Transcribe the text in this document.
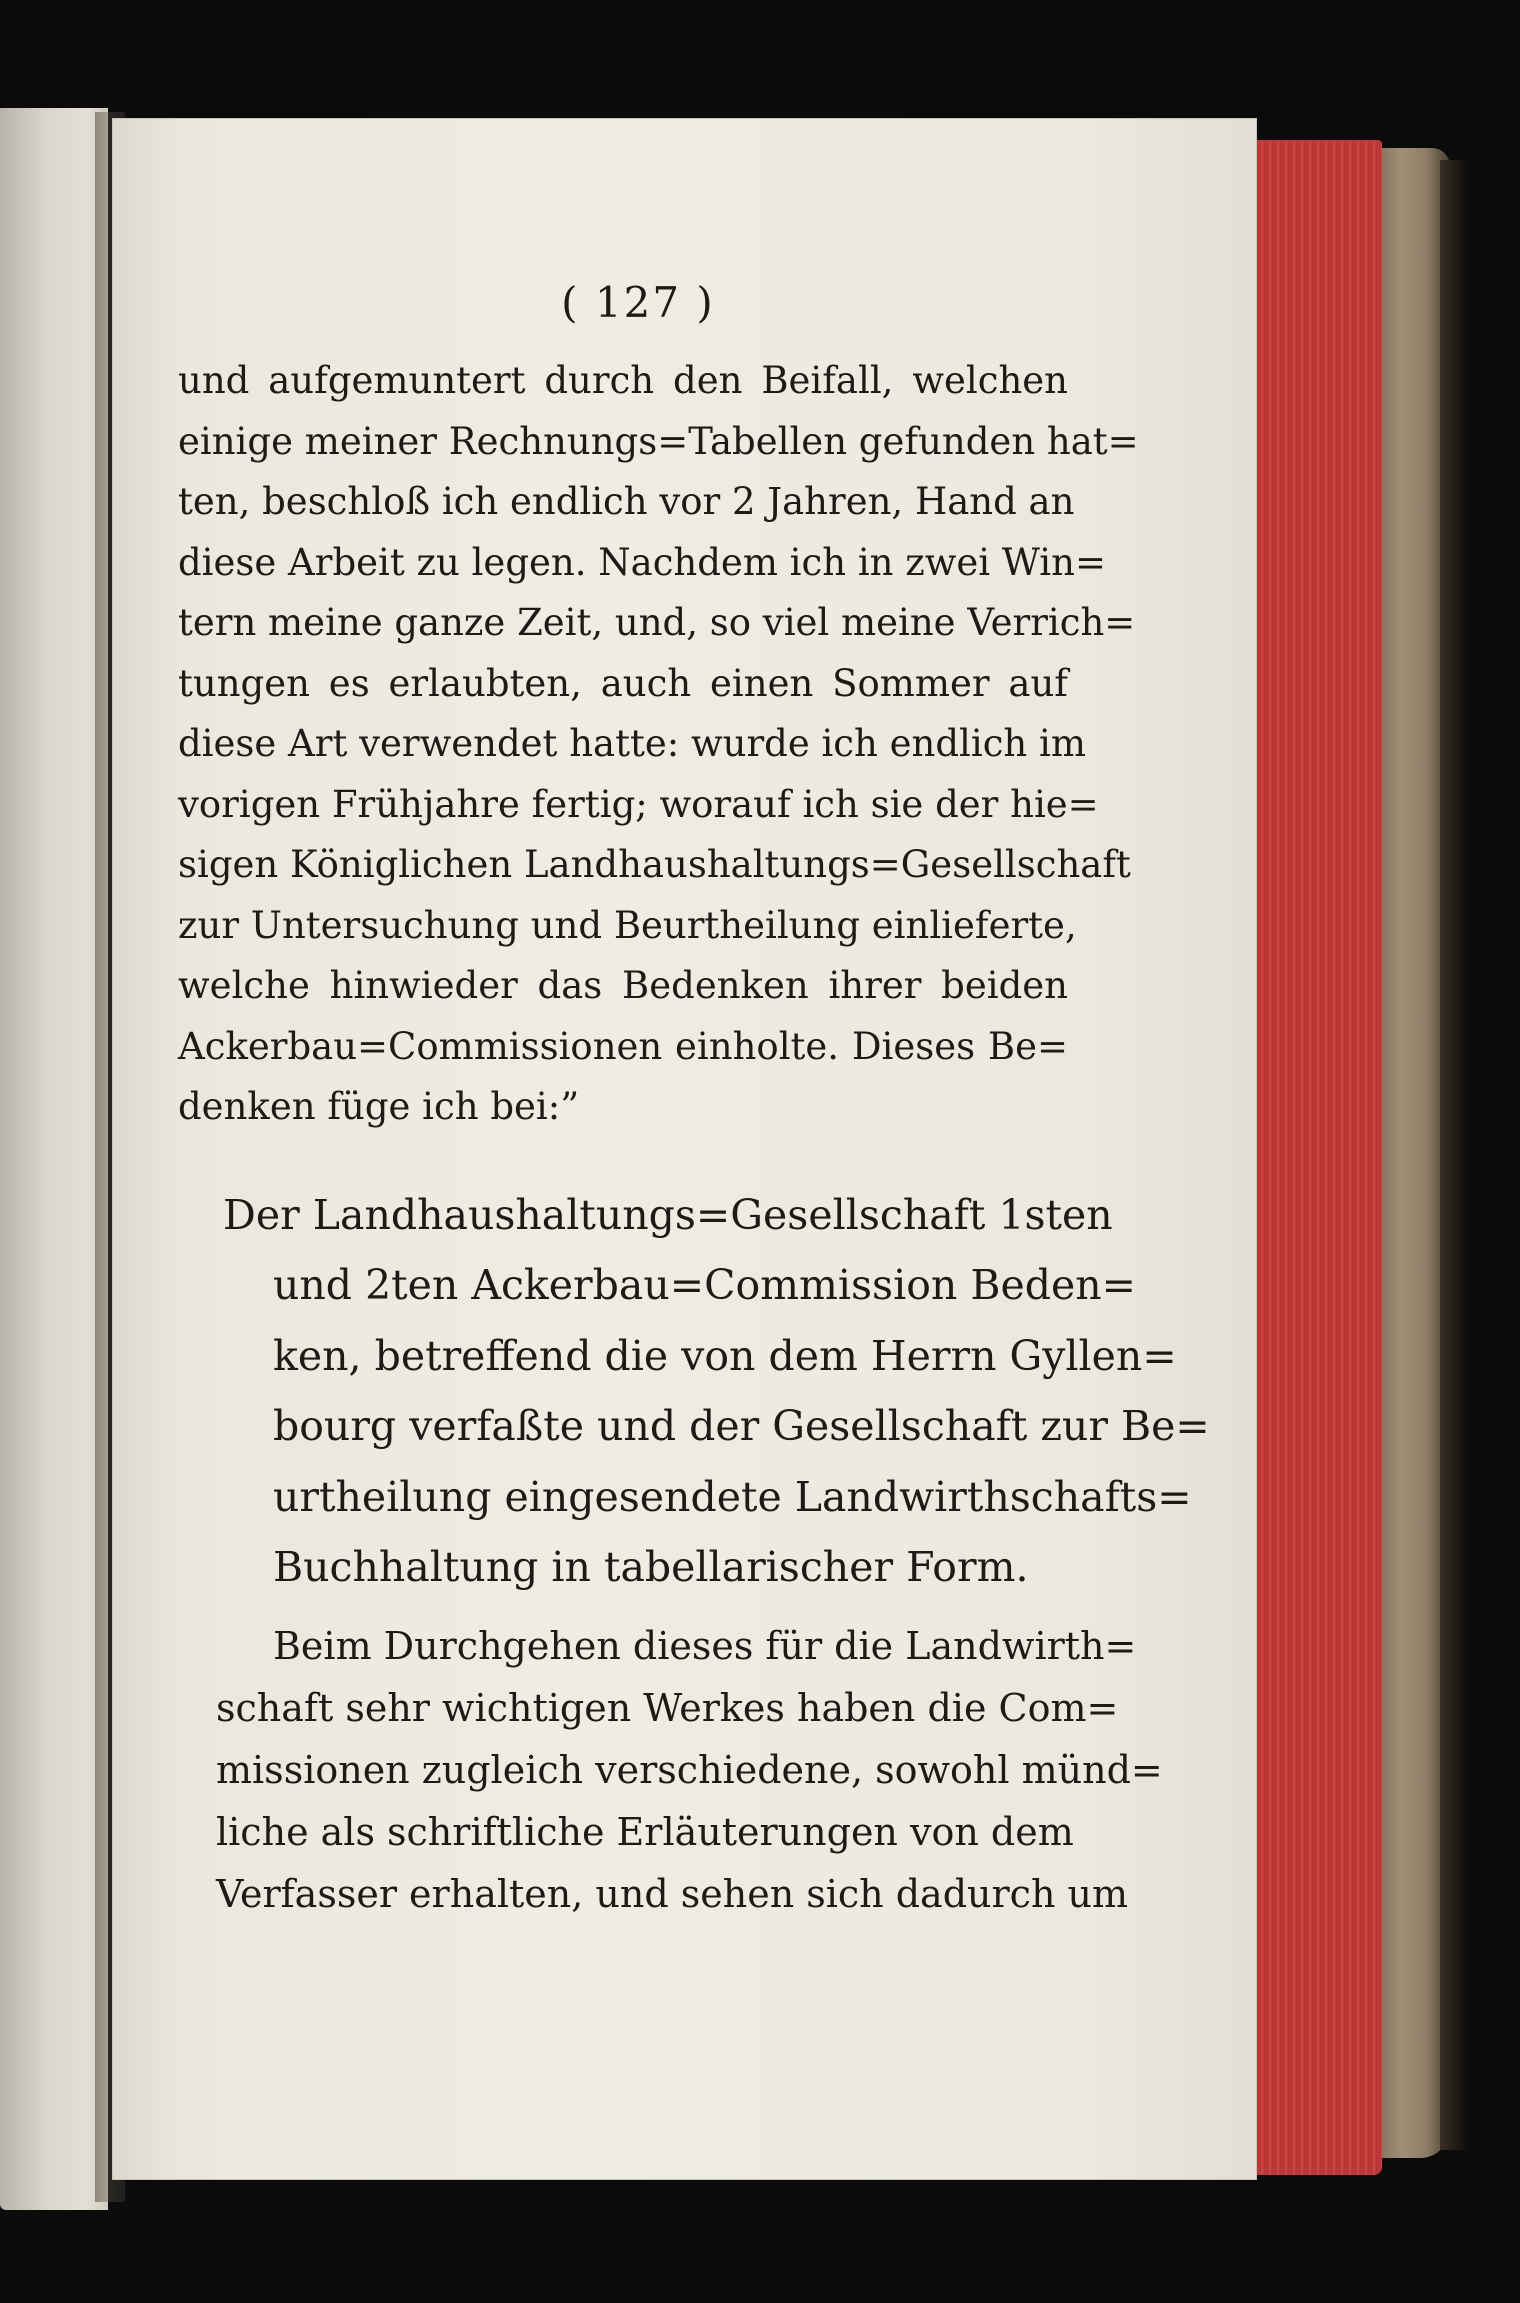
( 127 )
und aufgemuntert durch den Beifall, welchen
einige meiner Rechnungs=Tabellen gefunden hat=
ten, beschloß ich endlich vor 2 Jahren, Hand an
diese Arbeit zu legen. Nachdem ich in zwei Win=
tern meine ganze Zeit, und, so viel meine Verrich=
tungen es erlaubten, auch einen Sommer auf
diese Art verwendet hatte: wurde ich endlich im
vorigen Frühjahre fertig; worauf ich sie der hie=
sigen Königlichen Landhaushaltungs=Gesellschaft
zur Untersuchung und Beurtheilung einlieferte,
welche hinwieder das Bedenken ihrer beiden
Ackerbau=Commissionen einholte. Dieses Be=
denken füge ich bei:”
Der Landhaushaltungs=Gesellschaft 1sten
und 2ten Ackerbau=Commission Beden=
ken, betreffend die von dem Herrn Gyllen=
bourg verfaßte und der Gesellschaft zur Be=
urtheilung eingesendete Landwirthschafts=
Buchhaltung in tabellarischer Form.
Beim Durchgehen dieses für die Landwirth=
schaft sehr wichtigen Werkes haben die Com=
missionen zugleich verschiedene, sowohl münd=
liche als schriftliche Erläuterungen von dem
Verfasser erhalten, und sehen sich dadurch um
